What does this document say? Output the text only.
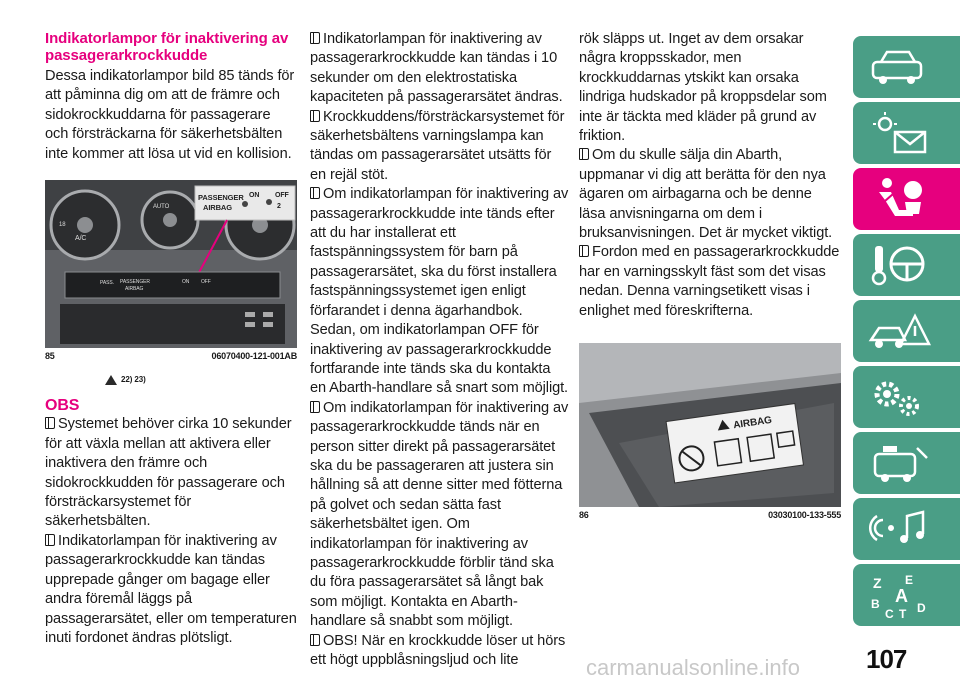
Indikatorlampor för inaktivering av passagerarkrockkudde

Dessa indikatorlampor bild 85 tänds för att påminna dig om att de främre och sidokrockkuddarna för passagerare och försträckarna för säkerhetsbälten inte kommer att lösa ut vid en kollision.

A/C
18
AUTO
PASSENGER
AIRBAG
ON OFF
2
PASS. PASSENGER
AIRBAG
ON OFF
85	06070400-121-001AB
22) 23)

OBS

Systemet behöver cirka 10 sekunder för att växla mellan att aktivera eller inaktivera den främre och sidokrockkudden för passagerare och försträckarsystemet för säkerhetsbälten.

Indikatorlampan för inaktivering av passagerarkrockkudde kan tändas upprepade gånger om bagage eller andra föremål läggs på passagerarsätet, eller om temperaturen inuti fordonet ändras plötsligt.

Indikatorlampan för inaktivering av passagerarkrockkudde kan tändas i 10 sekunder om den elektrostatiska kapaciteten på passagerarsätet ändras.

Krockkuddens/försträckarsystemet för säkerhetsbältens varningslampa kan tändas om passagerarsätet utsätts för en rejäl stöt.

Om indikatorlampan för inaktivering av passagerarkrockkudde inte tänds efter att du har installerat ett fastspänningssystem för barn på passagerarsätet, ska du först installera fastspänningssystemet igen enligt förfarandet i denna ägarhandbok. Sedan, om indikatorlampan OFF för inaktivering av passagerarkrockkudde fortfarande inte tänds ska du kontakta en Abarth-handlare så snart som möjligt.

Om indikatorlampan för inaktivering av passagerarkrockkudde tänds när en person sitter direkt på passagerarsätet ska du be passageraren att justera sin hållning så att denne sitter med fötterna på golvet och sedan sätta fast säkerhetsbältet igen. Om indikatorlampan för inaktivering av passagerarkrockkudde förblir tänd ska du föra passagerarsätet så långt bak som möjligt. Kontakta en Abarth-handlare så snabbt som möjligt.

OBS! När en krockkudde löser ut hörs ett högt uppblåsningsljud och lite

rök släpps ut. Inget av dem orsakar några kroppsskador, men krockkuddarnas ytskikt kan orsaka lindriga hudskador på kroppsdelar som inte är täckta med kläder på grund av friktion.

Om du skulle sälja din Abarth, uppmanar vi dig att berätta för den nya ägaren om airbagarna och be denne läsa anvisningarna om dem i bruksanvisningen. Det är mycket viktigt.

Fordon med en passagerarkrockkudde har en varningsskylt fäst som det visas nedan. Denna varningsetikett visas i enlighet med föreskrifterna.

AIRBAG
86	03030100-133-555
Z E
A
B
C T D
107
carmanualsonline.info
